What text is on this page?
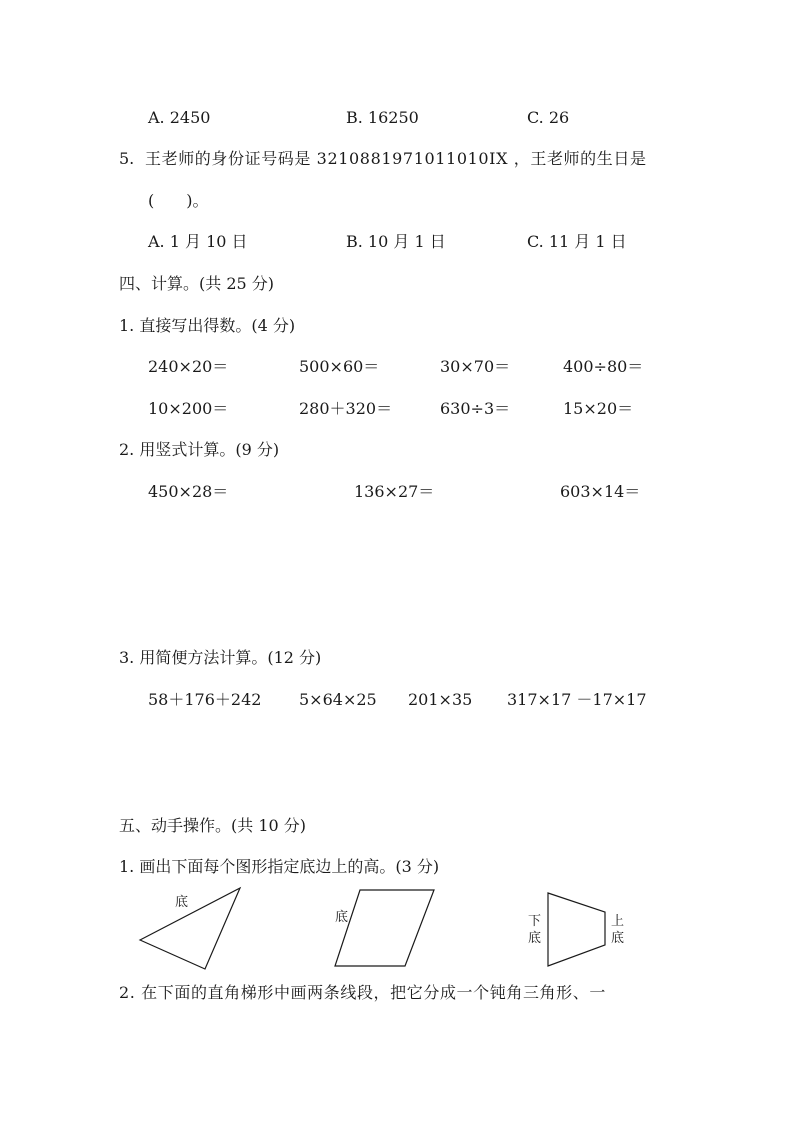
A. 2450	B. 16250	C. 26
5. 王老师的身份证号码是 3210881971011010IX ，王老师的生日是
(　　)。
A. 1 月 10 日	B. 10 月 1 日	C. 11 月 1 日
四、计算。(共 25 分)
1. 直接写出得数。(4 分)
240×20＝	500×60＝	30×70＝	400÷80＝
10×200＝	280＋320＝	630÷3＝	15×20＝
2. 用竖式计算。(9 分)
450×28＝	136×27＝	603×14＝
3. 用简便方法计算。(12 分)
58＋176＋242 5×64×25 201×35 317×17 －17×17
五、动手操作。(共 10 分)
1. 画出下面每个图形指定底边上的高。(3 分)
底
底	下
底
上
底
2. 在下面的直角梯形中画两条线段，把它分成一个钝角三角形、一
